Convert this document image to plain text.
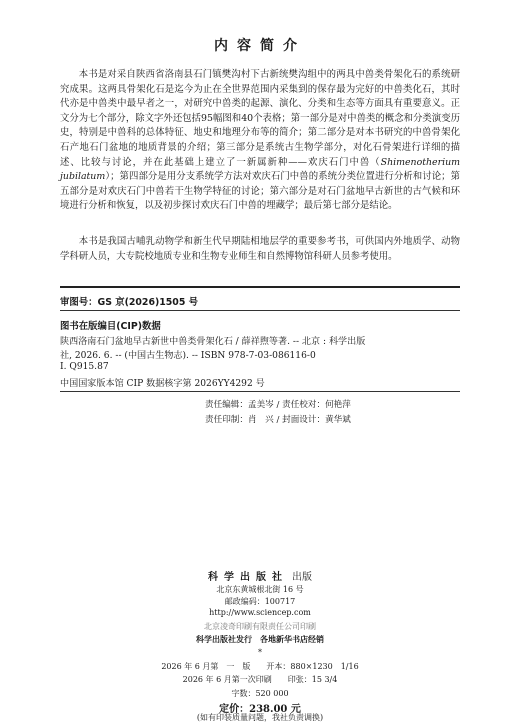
内容简介

本书是对采自陕西省洛南县石门镇樊沟村下古新统樊沟组中的两具中兽类骨架化石的系统研究成果。这两具骨架化石是迄今为止在全世界范围内采集到的保存最为完好的中兽类化石，其时代亦是中兽类中最早者之一，对研究中兽类的起源、演化、分类和生态等方面具有重要意义。正文分为七个部分，除文字外还包括95幅图和40个表格；第一部分是对中兽类的概念和分类演变历史，特别是中兽科的总体特征、地史和地理分布等的简介；第二部分是对本书研究的中兽骨架化石产地石门盆地的地质背景的介绍；第三部分是系统古生物学部分，对化石骨架进行详细的描述、比较与讨论，并在此基础上建立了一新属新种——欢庆石门中兽（Shimenotherium jubilatum）；第四部分是用分支系统学方法对欢庆石门中兽的系统分类位置进行分析和讨论；第五部分是对欢庆石门中兽若干生物学特征的讨论；第六部分是对石门盆地早古新世的古气候和环境进行分析和恢复，以及初步探讨欢庆石门中兽的埋藏学；最后第七部分是结论。

本书是我国古哺乳动物学和新生代早期陆相地层学的重要参考书，可供国内外地质学、动物学科研人员，大专院校地质专业和生物专业师生和自然博物馆科研人员参考使用。

审图号：GS 京(2026)1505 号
图书在版编目(CIP)数据
陕西洛南石门盆地早古新世中兽类骨架化石 / 薛祥煦等著. -- 北京 : 科学出版
社, 2026. 6. -- (中国古生物志). -- ISBN 978-7-03-086116-0
Ⅰ. Q915.87
中国国家版本馆 CIP 数据核字第 2026YY4292 号
责任编辑：孟美岑 / 责任校对：何艳萍
责任印制：肖　兴 / 封面设计：黄华斌
科学出版社 出版
北京东黄城根北街 16 号
邮政编码：100717
http://www.sciencep.com
北京凌奇印刷有限责任公司印刷
科学出版社发行　各地新华书店经销
*
2026 年 6 月第　一　版　　开本：880×1230　1/16
2026 年 6 月第一次印刷　　印张：15 3/4
字数：520 000
定价：238.00 元
(如有印装质量问题，我社负责调换)
